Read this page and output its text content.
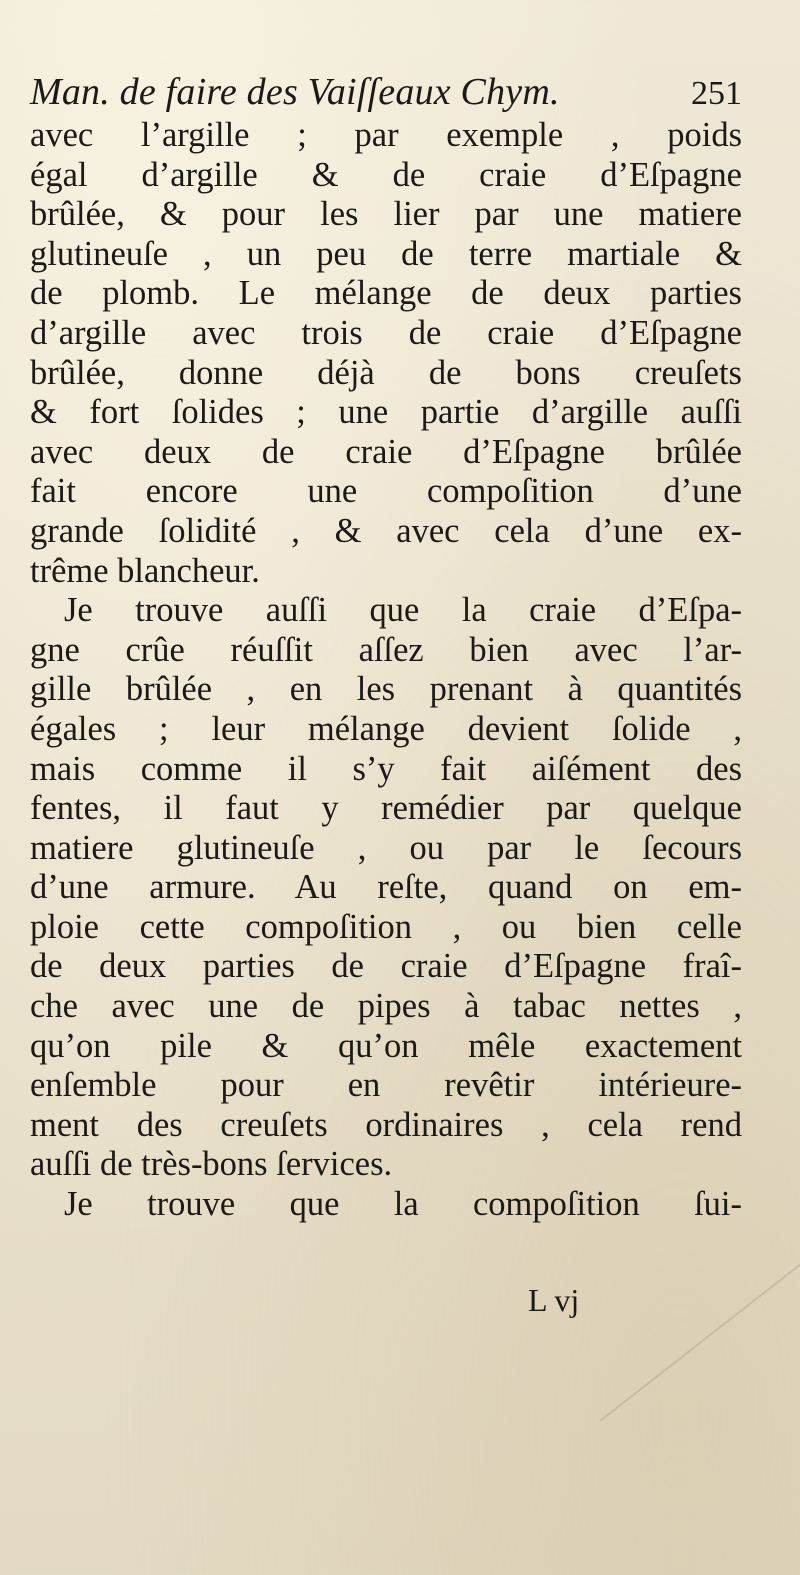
Man. de faire des Vaiſſeaux Chym.	251
avec l’argille ; par exemple , poids
égal d’argille & de craie d’Eſpagne
brûlée, & pour les lier par une matiere
glutineuſe , un peu de terre martiale &
de plomb. Le mélange de deux parties
d’argille avec trois de craie d’Eſpagne
brûlée, donne déjà de bons creuſets
& fort ſolides ; une partie d’argille auſſi
avec deux de craie d’Eſpagne brûlée
fait encore une compoſition d’une
grande ſolidité , & avec cela d’une ex-
trême blancheur.
Je trouve auſſi que la craie d’Eſpa-
gne crûe réuſſit aſſez bien avec l’ar-
gille brûlée , en les prenant à quantités
égales ; leur mélange devient ſolide ,
mais comme il s’y fait aiſément des
fentes, il faut y remédier par quelque
matiere glutineuſe , ou par le ſecours
d’une armure. Au reſte, quand on em-
ploie cette compoſition , ou bien celle
de deux parties de craie d’Eſpagne fraî-
che avec une de pipes à tabac nettes ,
qu’on pile & qu’on mêle exactement
enſemble pour en revêtir intérieure-
ment des creuſets ordinaires , cela rend
auſſi de très-bons ſervices.
Je trouve que la compoſition ſui-
L vj
